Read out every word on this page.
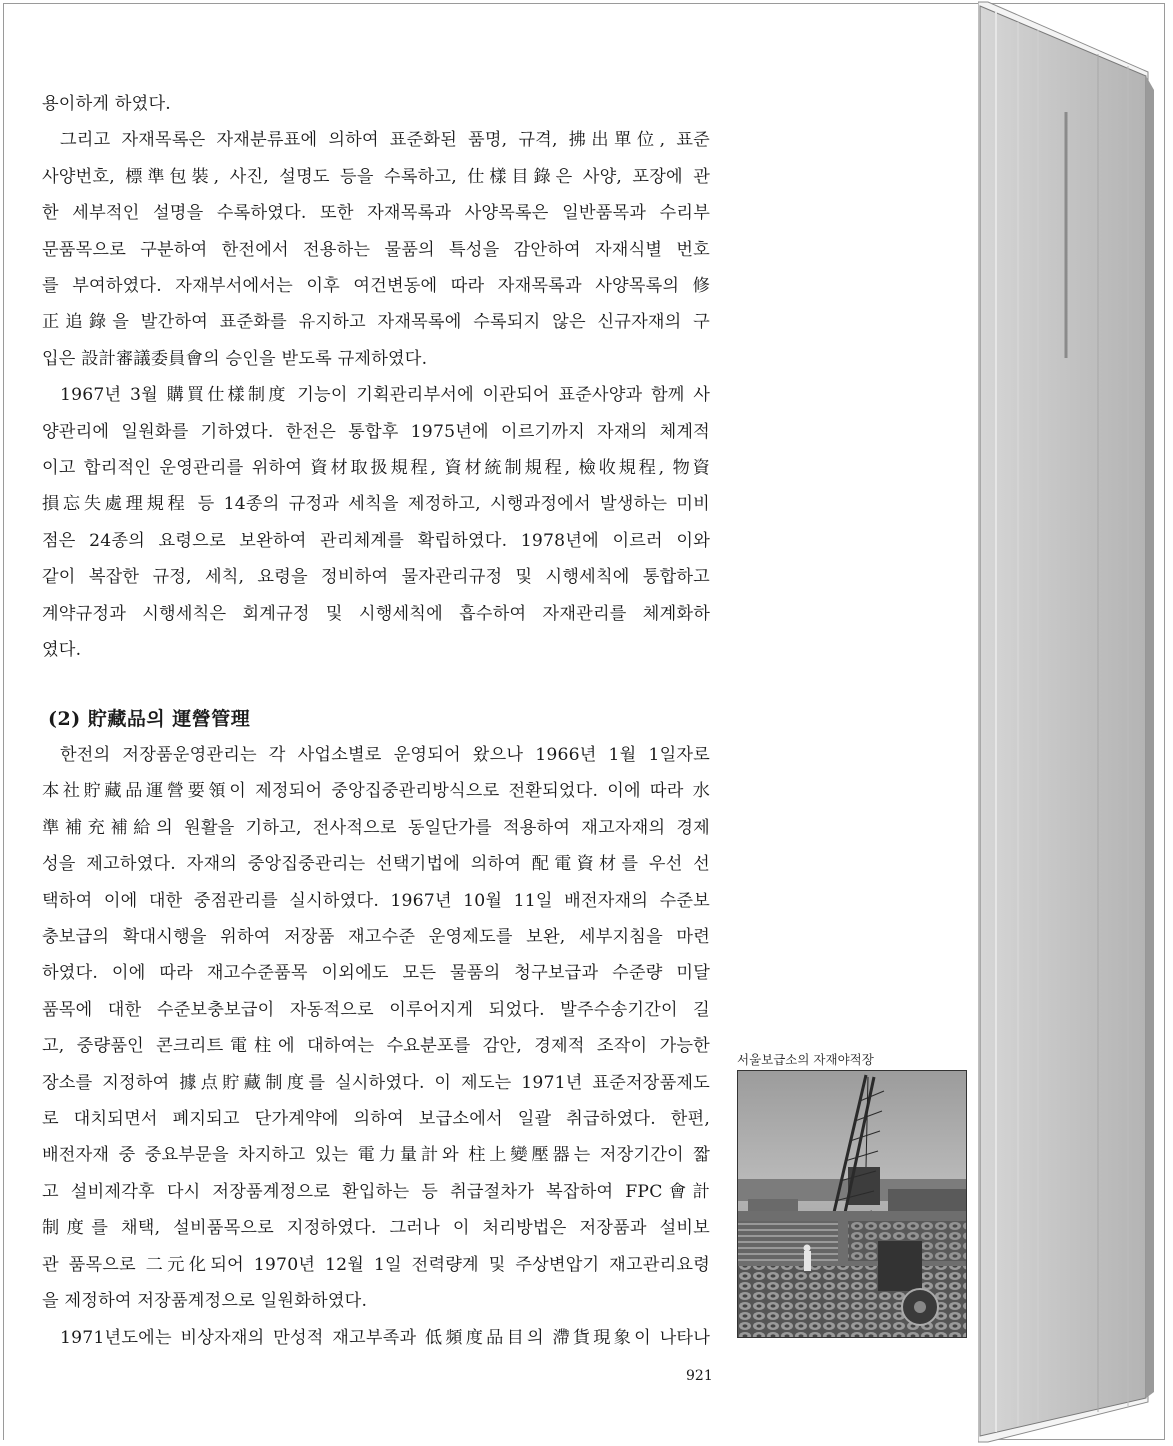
용이하게 하였다.
그리고 자재목록은 자재분류표에 의하여 표준화된 품명, 규격, 拂出單位, 표준
사양번호, 標準包裝, 사진, 설명도 등을 수록하고, 仕樣目錄은 사양, 포장에 관
한 세부적인 설명을 수록하였다. 또한 자재목록과 사양목록은 일반품목과 수리부
문품목으로 구분하여 한전에서 전용하는 물품의 특성을 감안하여 자재식별 번호
를 부여하였다. 자재부서에서는 이후 여건변동에 따라 자재목록과 사양목록의 修
正追錄을 발간하여 표준화를 유지하고 자재목록에 수록되지 않은 신규자재의 구
입은 設計審議委員會의 승인을 받도록 규제하였다.
1967년 3월 購買仕樣制度 기능이 기획관리부서에 이관되어 표준사양과 함께 사
양관리에 일원화를 기하였다. 한전은 통합후 1975년에 이르기까지 자재의 체계적
이고 합리적인 운영관리를 위하여 資材取扱規程, 資材統制規程, 檢收規程, 物資
損忘失處理規程 등 14종의 규정과 세칙을 제정하고, 시행과정에서 발생하는 미비
점은 24종의 요령으로 보완하여 관리체계를 확립하였다. 1978년에 이르러 이와
같이 복잡한 규정, 세칙, 요령을 정비하여 물자관리규정 및 시행세칙에 통합하고
계약규정과 시행세칙은 회계규정 및 시행세칙에 흡수하여 자재관리를 체계화하
였다.
(2) 貯藏品의 運營管理
한전의 저장품운영관리는 각 사업소별로 운영되어 왔으나 1966년 1월 1일자로
本社貯藏品運營要領이 제정되어 중앙집중관리방식으로 전환되었다. 이에 따라 水
準補充補給의 원활을 기하고, 전사적으로 동일단가를 적용하여 재고자재의 경제
성을 제고하였다. 자재의 중앙집중관리는 선택기법에 의하여 配電資材를 우선 선
택하여 이에 대한 중점관리를 실시하였다. 1967년 10월 11일 배전자재의 수준보
충보급의 확대시행을 위하여 저장품 재고수준 운영제도를 보완, 세부지침을 마련
하였다. 이에 따라 재고수준품목 이외에도 모든 물품의 청구보급과 수준량 미달
품목에 대한 수준보충보급이 자동적으로 이루어지게 되었다. 발주수송기간이 길
고, 중량품인 콘크리트電柱에 대하여는 수요분포를 감안, 경제적 조작이 가능한
장소를 지정하여 據点貯藏制度를 실시하였다. 이 제도는 1971년 표준저장품제도
로 대치되면서 폐지되고 단가계약에 의하여 보급소에서 일괄 취급하였다. 한편,
배전자재 중 중요부문을 차지하고 있는 電力量計와 柱上變壓器는 저장기간이 짧
고 설비제각후 다시 저장품계정으로 환입하는 등 취급절차가 복잡하여 FPC會計
制度를 채택, 설비품목으로 지정하였다. 그러나 이 처리방법은 저장품과 설비보
관 품목으로 二元化되어 1970년 12월 1일 전력량계 및 주상변압기 재고관리요령
을 제정하여 저장품계정으로 일원화하였다.
1971년도에는 비상자재의 만성적 재고부족과 低頻度品目의 滯貨現象이 나타나
서울보급소의 자재야적장
921
